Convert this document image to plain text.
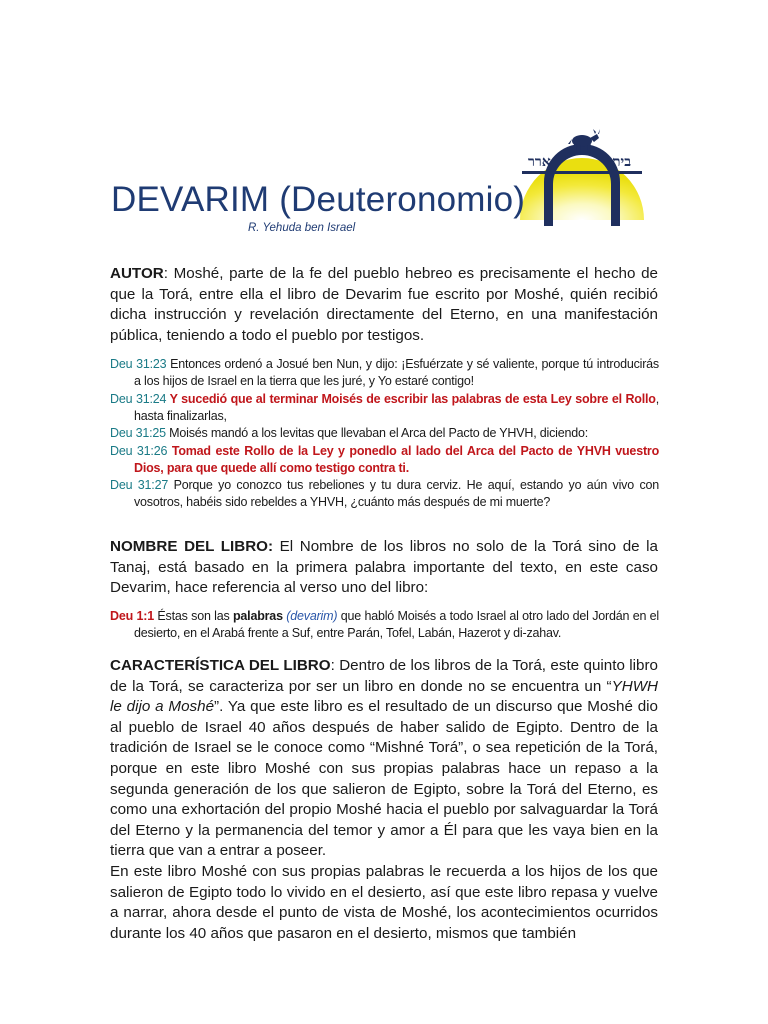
ארר	בית
DEVARIM (Deuteronomio)
R. Yehuda ben Israel

AUTOR: Moshé, parte de la fe del pueblo hebreo es precisamente el hecho de que la Torá, entre ella el libro de Devarim fue escrito por Moshé, quién recibió dicha instrucción y revelación directamente del Eterno, en una manifestación pública, teniendo a todo el pueblo por testigos.

Deu 31:23 Entonces ordenó a Josué ben Nun, y dijo: ¡Esfuérzate y sé valiente, porque tú introducirás a los hijos de Israel en la tierra que les juré, y Yo estaré contigo!

Deu 31:24 Y sucedió que al terminar Moisés de escribir las palabras de esta Ley sobre el Rollo, hasta finalizarlas,

Deu 31:25 Moisés mandó a los levitas que llevaban el Arca del Pacto de YHVH, diciendo:

Deu 31:26 Tomad este Rollo de la Ley y ponedlo al lado del Arca del Pacto de YHVH vuestro Dios, para que quede allí como testigo contra ti.

Deu 31:27 Porque yo conozco tus rebeliones y tu dura cerviz. He aquí, estando yo aún vivo con vosotros, habéis sido rebeldes a YHVH, ¿cuánto más después de mi muerte?

NOMBRE DEL LIBRO: El Nombre de los libros no solo de la Torá sino de la Tanaj, está basado en la primera palabra importante del texto, en este caso Devarim, hace referencia al verso uno del libro:

Deu 1:1 Éstas son las palabras (devarim) que habló Moisés a todo Israel al otro lado del Jordán en el desierto, en el Arabá frente a Suf, entre Parán, Tofel, Labán, Hazerot y di-zahav.

CARACTERÍSTICA DEL LIBRO: Dentro de los libros de la Torá, este quinto libro de la Torá, se caracteriza por ser un libro en donde no se encuentra un “YHWH le dijo a Moshé”. Ya que este libro es el resultado de un discurso que Moshé dio al pueblo de Israel 40 años después de haber salido de Egipto. Dentro de la tradición de Israel se le conoce como “Mishné Torá”, o sea repetición de la Torá, porque en este libro Moshé con sus propias palabras hace un repaso a la segunda generación de los que salieron de Egipto, sobre la Torá del Eterno, es como una exhortación del propio Moshé hacia el pueblo por salvaguardar la Torá del Eterno y la permanencia del temor y amor a Él para que les vaya bien en la tierra que van a entrar a poseer.

En este libro Moshé con sus propias palabras le recuerda a los hijos de los que salieron de Egipto todo lo vivido en el desierto, así que este libro repasa y vuelve a narrar, ahora desde el punto de vista de Moshé, los acontecimientos ocurridos durante los 40 años que pasaron en el desierto, mismos que también
